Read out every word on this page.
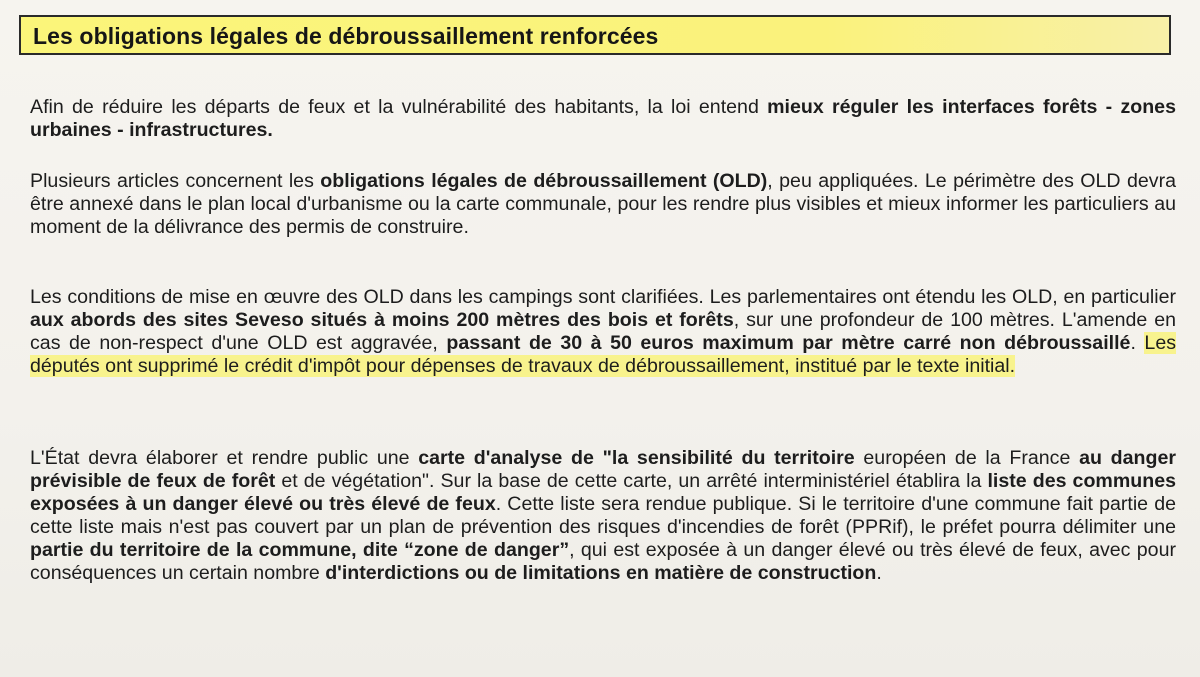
Les obligations légales de débroussaillement renforcées

Afin de réduire les départs de feux et la vulnérabilité des habitants, la loi entend mieux réguler les interfaces forêts - zones urbaines - infrastructures.

Plusieurs articles concernent les obligations légales de débroussaillement (OLD), peu appliquées. Le périmètre des OLD devra être annexé dans le plan local d'urbanisme ou la carte communale, pour les rendre plus visibles et mieux informer les particuliers au moment de la délivrance des permis de construire.

Les conditions de mise en œuvre des OLD dans les campings sont clarifiées. Les parlementaires ont étendu les OLD, en particulier aux abords des sites Seveso situés à moins 200 mètres des bois et forêts, sur une profondeur de 100 mètres. L'amende en cas de non-respect d'une OLD est aggravée, passant de 30 à 50 euros maximum par mètre carré non débroussaillé. Les députés ont supprimé le crédit d'impôt pour dépenses de travaux de débroussaillement, institué par le texte initial.

L'État devra élaborer et rendre public une carte d'analyse de "la sensibilité du territoire européen de la France au danger prévisible de feux de forêt et de végétation". Sur la base de cette carte, un arrêté interministériel établira la liste des communes exposées à un danger élevé ou très élevé de feux. Cette liste sera rendue publique. Si le territoire d'une commune fait partie de cette liste mais n'est pas couvert par un plan de prévention des risques d'incendies de forêt (PPRif), le préfet pourra délimiter une partie du territoire de la commune, dite “zone de danger”, qui est exposée à un danger élevé ou très élevé de feux, avec pour conséquences un certain nombre d'interdictions ou de limitations en matière de construction.
